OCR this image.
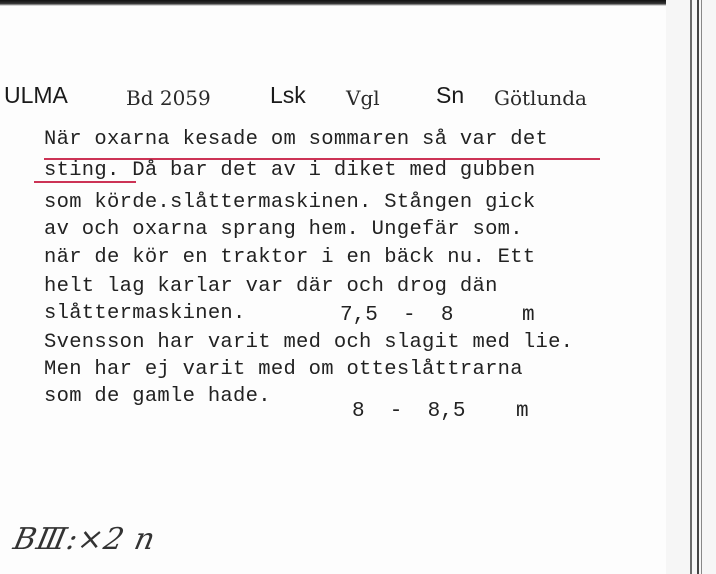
ULMA	Bd 2059	Lsk Vgl Sn Götlunda
När oxarna kesade om sommaren så var det
sting. Då bar det av i diket med gubben
som körde.slåttermaskinen. Stången gick
av och oxarna sprang hem. Ungefär som.
när de kör en traktor i en bäck nu. Ett
helt lag karlar var där och drog dän
slåttermaskinen.
Svensson har varit med och slagit med lie.
Men har ej varit med om otteslåttrarna
som de gamle hade.
7,5  -  8	m
8  -  8,5 m
BⅢ:×2 n
